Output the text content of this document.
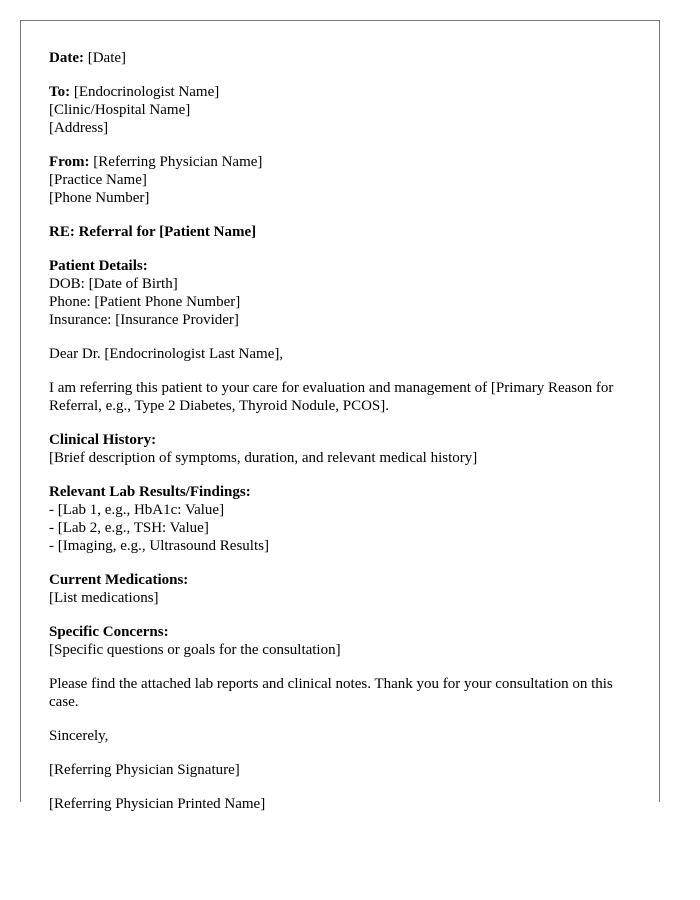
Date: [Date]
To: [Endocrinologist Name]
[Clinic/Hospital Name]
[Address]
From: [Referring Physician Name]
[Practice Name]
[Phone Number]
RE: Referral for [Patient Name]
Patient Details:
DOB: [Date of Birth]
Phone: [Patient Phone Number]
Insurance: [Insurance Provider]
Dear Dr. [Endocrinologist Last Name],
I am referring this patient to your care for evaluation and management of [Primary Reason for Referral, e.g., Type 2 Diabetes, Thyroid Nodule, PCOS].
Clinical History:
[Brief description of symptoms, duration, and relevant medical history]
Relevant Lab Results/Findings:
- [Lab 1, e.g., HbA1c: Value]
- [Lab 2, e.g., TSH: Value]
- [Imaging, e.g., Ultrasound Results]
Current Medications:
[List medications]
Specific Concerns:
[Specific questions or goals for the consultation]
Please find the attached lab reports and clinical notes. Thank you for your consultation on this case.
Sincerely,
[Referring Physician Signature]
[Referring Physician Printed Name]
